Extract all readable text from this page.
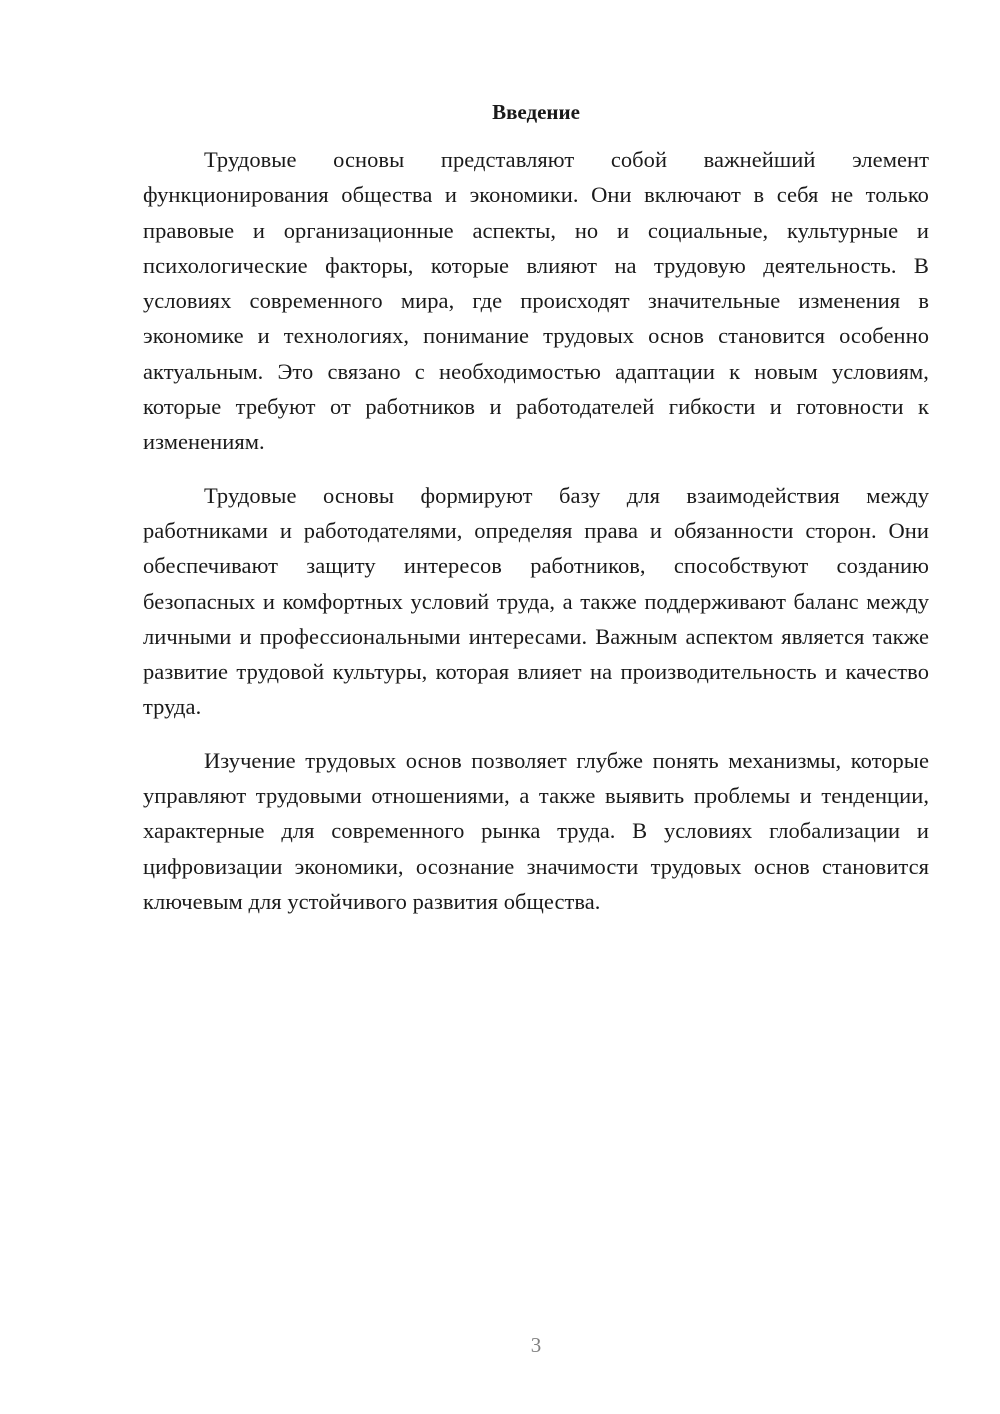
Введение

Трудовые основы представляют собой важнейший элемент функционирования общества и экономики. Они включают в себя не только правовые и организационные аспекты, но и социальные, культурные и психологические факторы, которые влияют на трудовую деятельность. В условиях современного мира, где происходят значительные изменения в экономике и технологиях, понимание трудовых основ становится особенно актуальным. Это связано с необходимостью адаптации к новым условиям, которые требуют от работников и работодателей гибкости и готовности к изменениям.

Трудовые основы формируют базу для взаимодействия между работниками и работодателями, определяя права и обязанности сторон. Они обеспечивают защиту интересов работников, способствуют созданию безопасных и комфортных условий труда, а также поддерживают баланс между личными и профессиональными интересами. Важным аспектом является также развитие трудовой культуры, которая влияет на производительность и качество труда.

Изучение трудовых основ позволяет глубже понять механизмы, которые управляют трудовыми отношениями, а также выявить проблемы и тенденции, характерные для современного рынка труда. В условиях глобализации и цифровизации экономики, осознание значимости трудовых основ становится ключевым для устойчивого развития общества.

3
